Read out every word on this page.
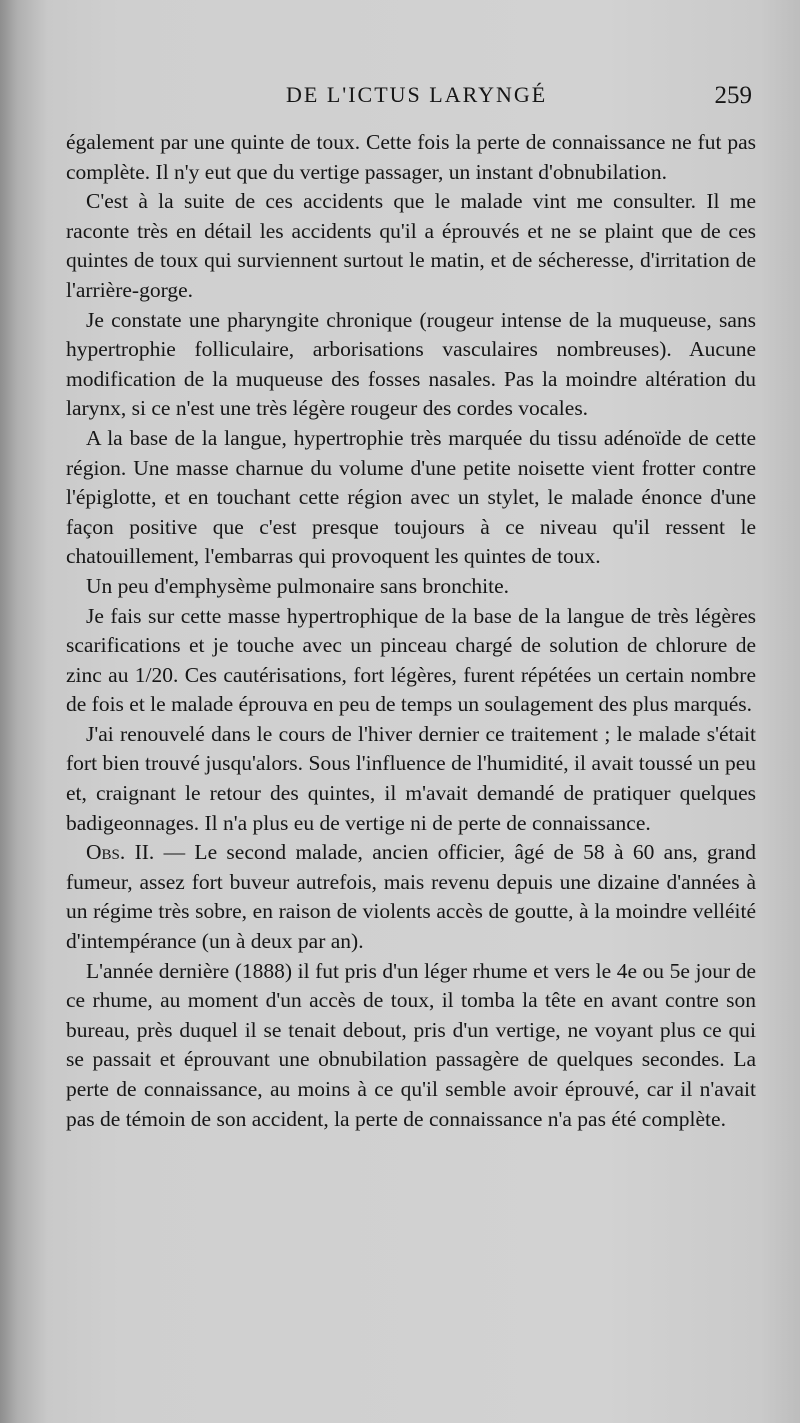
DE L'ICTUS LARYNGÉ	259

également par une quinte de toux. Cette fois la perte de connaissance ne fut pas complète. Il n'y eut que du vertige passager, un instant d'obnubilation.

C'est à la suite de ces accidents que le malade vint me consulter. Il me raconte très en détail les accidents qu'il a éprouvés et ne se plaint que de ces quintes de toux qui surviennent surtout le matin, et de sécheresse, d'irritation de l'arrière-gorge.

Je constate une pharyngite chronique (rougeur intense de la muqueuse, sans hypertrophie folliculaire, arborisations vasculaires nombreuses). Aucune modification de la muqueuse des fosses nasales. Pas la moindre altération du larynx, si ce n'est une très légère rougeur des cordes vocales.

A la base de la langue, hypertrophie très marquée du tissu adénoïde de cette région. Une masse charnue du volume d'une petite noisette vient frotter contre l'épiglotte, et en touchant cette région avec un stylet, le malade énonce d'une façon positive que c'est presque toujours à ce niveau qu'il ressent le chatouillement, l'embarras qui provoquent les quintes de toux.

Un peu d'emphysème pulmonaire sans bronchite.

Je fais sur cette masse hypertrophique de la base de la langue de très légères scarifications et je touche avec un pinceau chargé de solution de chlorure de zinc au 1/20. Ces cautérisations, fort légères, furent répétées un certain nombre de fois et le malade éprouva en peu de temps un soulagement des plus marqués.

J'ai renouvelé dans le cours de l'hiver dernier ce traitement ; le malade s'était fort bien trouvé jusqu'alors. Sous l'influence de l'humidité, il avait toussé un peu et, craignant le retour des quintes, il m'avait demandé de pratiquer quelques badigeonnages. Il n'a plus eu de vertige ni de perte de connaissance.

Obs. II. — Le second malade, ancien officier, âgé de 58 à 60 ans, grand fumeur, assez fort buveur autrefois, mais revenu depuis une dizaine d'années à un régime très sobre, en raison de violents accès de goutte, à la moindre velléité d'intempérance (un à deux par an).

L'année dernière (1888) il fut pris d'un léger rhume et vers le 4e ou 5e jour de ce rhume, au moment d'un accès de toux, il tomba la tête en avant contre son bureau, près duquel il se tenait debout, pris d'un vertige, ne voyant plus ce qui se passait et éprouvant une obnubilation passagère de quelques secondes. La perte de connaissance, au moins à ce qu'il semble avoir éprouvé, car il n'avait pas de témoin de son accident, la perte de connaissance n'a pas été complète.
